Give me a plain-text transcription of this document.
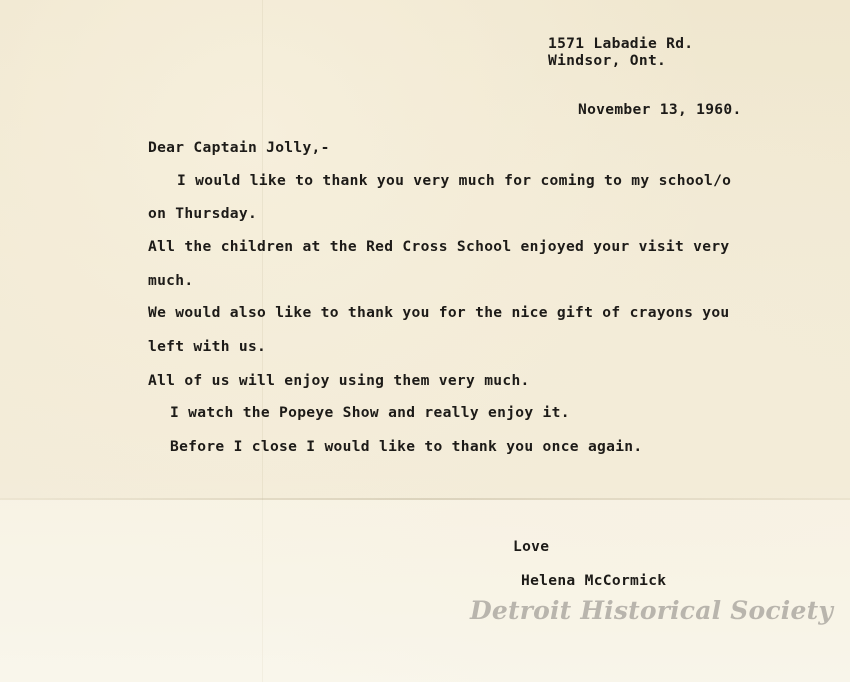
1571 Labadie Rd.
Windsor, Ont.
November 13, 1960.
Dear Captain Jolly,-
I would like to thank you very much for coming to my school/o
on Thursday.
All the children at the Red Cross School enjoyed your visit very
much.
We would also like to thank you for the nice gift of crayons you
left with us.
All of us will enjoy using them very much.
I watch the Popeye Show and really enjoy it.
Before I close I would like to thank you once again.
Love
Helena McCormick
Detroit Historical Society
